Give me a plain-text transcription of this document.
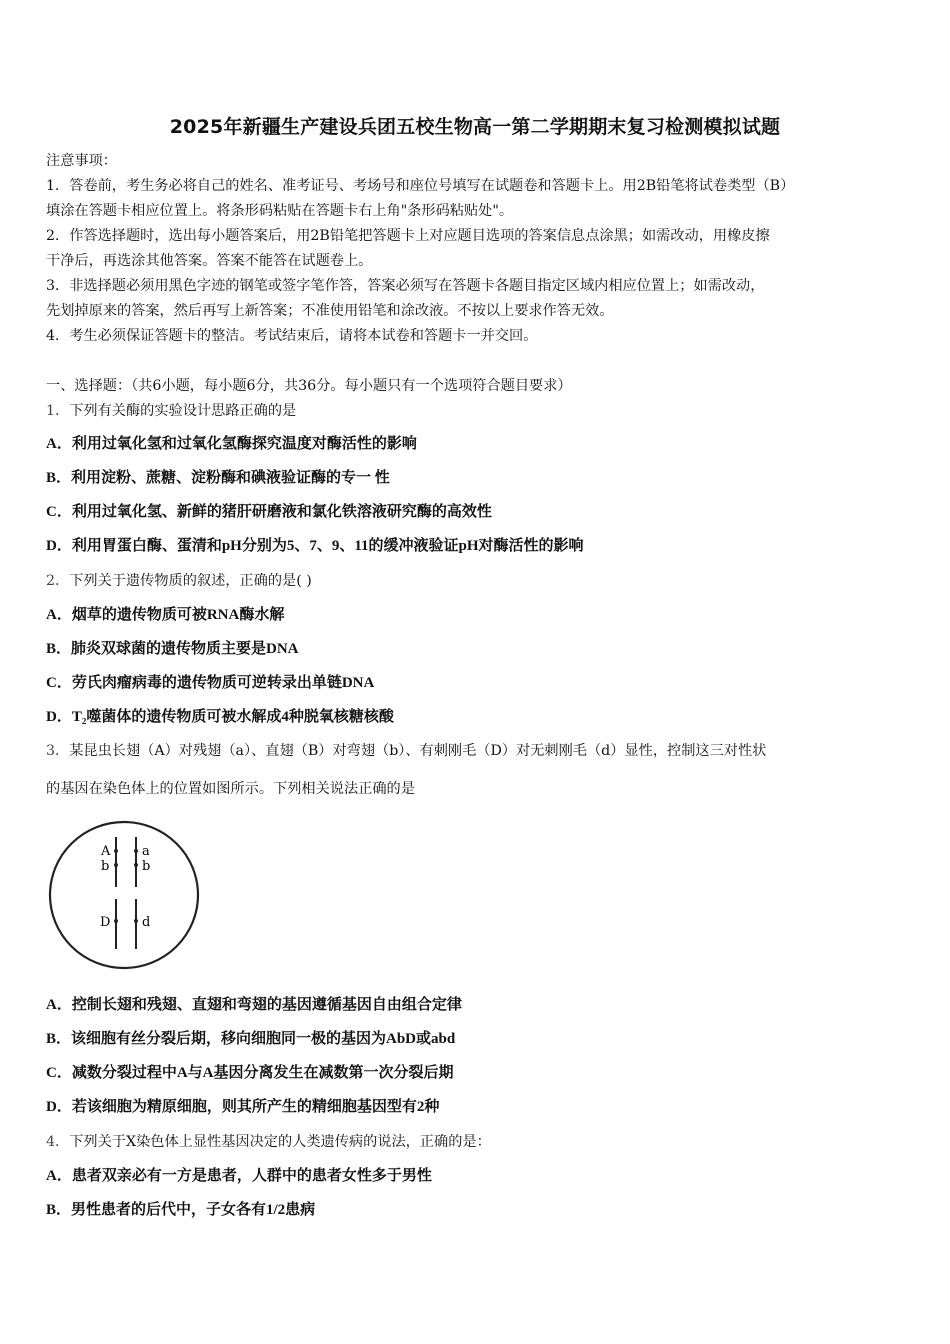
2025年新疆生产建设兵团五校生物高一第二学期期末复习检测模拟试题
注意事项：
1．答卷前，考生务必将自己的姓名、准考证号、考场号和座位号填写在试题卷和答题卡上。用2B铅笔将试卷类型（B）
填涂在答题卡相应位置上。将条形码粘贴在答题卡右上角"条形码粘贴处"。
2．作答选择题时，选出每小题答案后，用2B铅笔把答题卡上对应题目选项的答案信息点涂黑；如需改动，用橡皮擦
干净后，再选涂其他答案。答案不能答在试题卷上。
3．非选择题必须用黑色字迹的钢笔或签字笔作答，答案必须写在答题卡各题目指定区域内相应位置上；如需改动，
先划掉原来的答案，然后再写上新答案；不准使用铅笔和涂改液。不按以上要求作答无效。
4．考生必须保证答题卡的整洁。考试结束后，请将本试卷和答题卡一并交回。
一、选择题：（共6小题，每小题6分，共36分。每小题只有一个选项符合题目要求）
1．下列有关酶的实验设计思路正确的是
A．利用过氧化氢和过氧化氢酶探究温度对酶活性的影响
B．利用淀粉、蔗糖、淀粉酶和碘液验证酶的专一 性
C．利用过氧化氢、新鲜的猪肝研磨液和氯化铁溶液研究酶的高效性
D．利用胃蛋白酶、蛋清和pH分别为5、7、9、11的缓冲液验证pH对酶活性的影响
2．下列关于遗传物质的叙述，正确的是( )
A．烟草的遗传物质可被RNA酶水解
B．肺炎双球菌的遗传物质主要是DNA
C．劳氏肉瘤病毒的遗传物质可逆转录出单链DNA
D．T₂噬菌体的遗传物质可被水解成4种脱氧核糖核酸
3．某昆虫长翅（A）对残翅（a）、直翅（B）对弯翅（b）、有刺刚毛（D）对无刺刚毛（d）显性，控制这三对性状
的基因在染色体上的位置如图所示。下列相关说法正确的是
A a
b	b
D d
A．控制长翅和残翅、直翅和弯翅的基因遵循基因自由组合定律
B．该细胞有丝分裂后期，移向细胞同一极的基因为AbD或abd
C．减数分裂过程中A与A基因分离发生在减数第一次分裂后期
D．若该细胞为精原细胞，则其所产生的精细胞基因型有2种
4．下列关于X染色体上显性基因决定的人类遗传病的说法，正确的是：
A．患者双亲必有一方是患者，人群中的患者女性多于男性
B．男性患者的后代中，子女各有1/2患病
